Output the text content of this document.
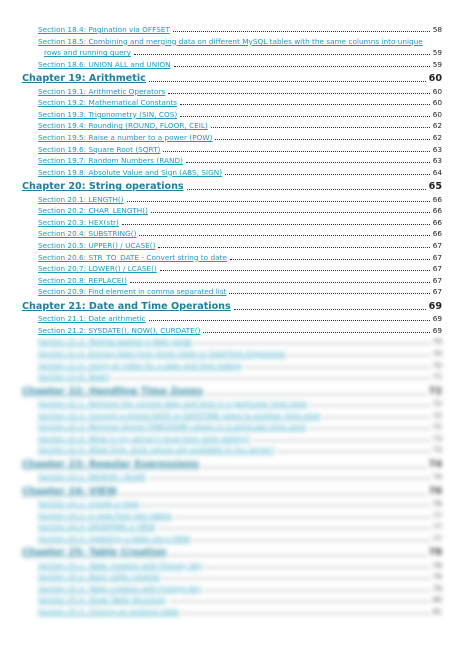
Section 18.4: Pagination via OFFSET	58
Section 18.5: Combining and merging data on different MySQL tables with the same columns into unique
rows and running query	59
Section 18.6: UNION ALL and UNION	59
Chapter 19: Arithmetic	60
Section 19.1: Arithmetic Operators	60
Section 19.2: Mathematical Constants	60
Section 19.3: Trigonometry (SIN, COS)	60
Section 19.4: Rounding (ROUND, FLOOR, CEIL)	62
Section 19.5: Raise a number to a power (POW)	62
Section 19.6: Square Root (SQRT)	63
Section 19.7: Random Numbers (RAND)	63
Section 19.8: Absolute Value and Sign (ABS, SIGN)	64
Chapter 20: String operations	65
Section 20.1: LENGTH()	66
Section 20.2: CHAR_LENGTH()	66
Section 20.3: HEX(str)	66
Section 20.4: SUBSTRING()	66
Section 20.5: UPPER() / UCASE()	67
Section 20.6: STR_TO_DATE - Convert string to date	67
Section 20.7: LOWER() / LCASE()	67
Section 20.8: REPLACE()	67
Section 20.9: Find element in comma separated list	67
Chapter 21: Date and Time Operations	69
Section 21.1: Date arithmetic	69
Section 21.2: SYSDATE(), NOW(), CURDATE()	69
Section 21.3: Testing against a date range	70
Section 21.4: Extract Date from Given Date or DateTime Expression	70
Section 21.5: Using an index for a date and time lookup	70
Section 21.6: Now()	71
Chapter 22: Handling Time Zones	72
Section 22.1: Retrieve the current date and time in a particular time zone	72
Section 22.2: Convert a stored DATE or DATETIME value to another time zone	72
Section 22.3: Retrieve stored TIMESTAMP values in a particular time zone	72
Section 22.4: What is my server's local time zone setting?	73
Section 22.5: What time_zone values are available in my server?	73
Chapter 23: Regular Expressions	74
Section 23.1: REGEXP / RLIKE	74
Chapter 24: VIEW	76
Section 24.1: Create a View	76
Section 24.2: A view from two tables	77
Section 24.3: DROPPING A VIEW	77
Section 24.4: Updating a table via a VIEW	77
Chapter 25: Table Creation	78
Section 25.1: Table creation with Primary Key	78
Section 25.2: Basic table creation	79
Section 25.3: Table creation with Foreign Key	79
Section 25.4: Show Table Structure	80
Section 25.5: Cloning an existing table	81
